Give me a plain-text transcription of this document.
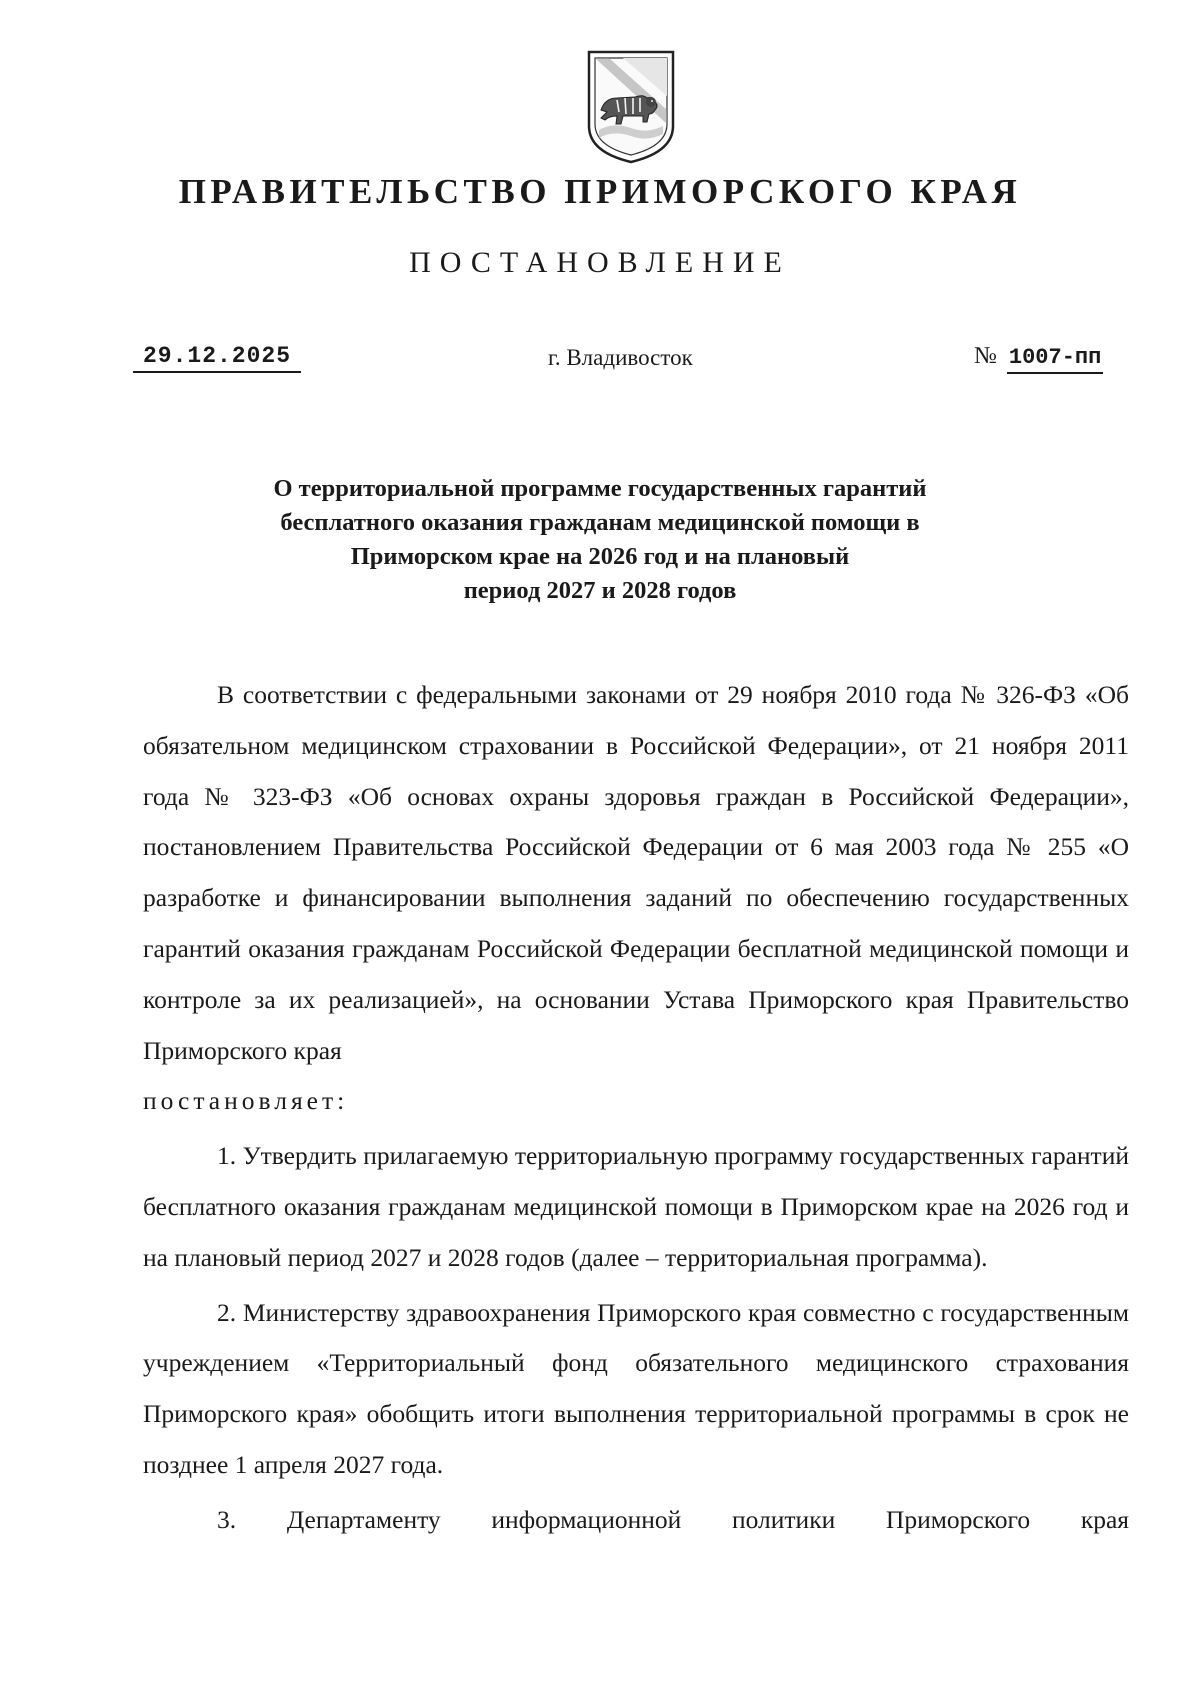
ПРАВИТЕЛЬСТВО ПРИМОРСКОГО КРАЯ
ПОСТАНОВЛЕНИЕ
29.12.2025	г. Владивосток	№ 1007-пп
О территориальной программе государственных гарантий
бесплатного оказания гражданам медицинской помощи в
Приморском крае на 2026 год и на плановый
период 2027 и 2028 годов

В соответствии с федеральными законами от 29 ноября 2010 года № 326-ФЗ «Об обязательном медицинском страховании в Российской Федерации», от 21 ноября 2011 года № 323-ФЗ «Об основах охраны здоровья граждан в Российской Федерации», постановлением Правительства Российской Федерации от 6 мая 2003 года № 255 «О разработке и финансировании выполнения заданий по обеспечению государственных гарантий оказания гражданам Российской Федерации бесплатной медицинской помощи и контроле за их реализацией», на основании Устава Приморского края Правительство Приморского края

постановляет:

1. Утвердить прилагаемую территориальную программу государственных гарантий бесплатного оказания гражданам медицинской помощи в Приморском крае на 2026 год и на плановый период 2027 и 2028 годов (далее – территориальная программа).

2. Министерству здравоохранения Приморского края совместно с государственным учреждением «Территориальный фонд обязательного медицинского страхования Приморского края» обобщить итоги выполнения территориальной программы в срок не позднее 1 апреля 2027 года.

3. Департаменту информационной политики Приморского края
